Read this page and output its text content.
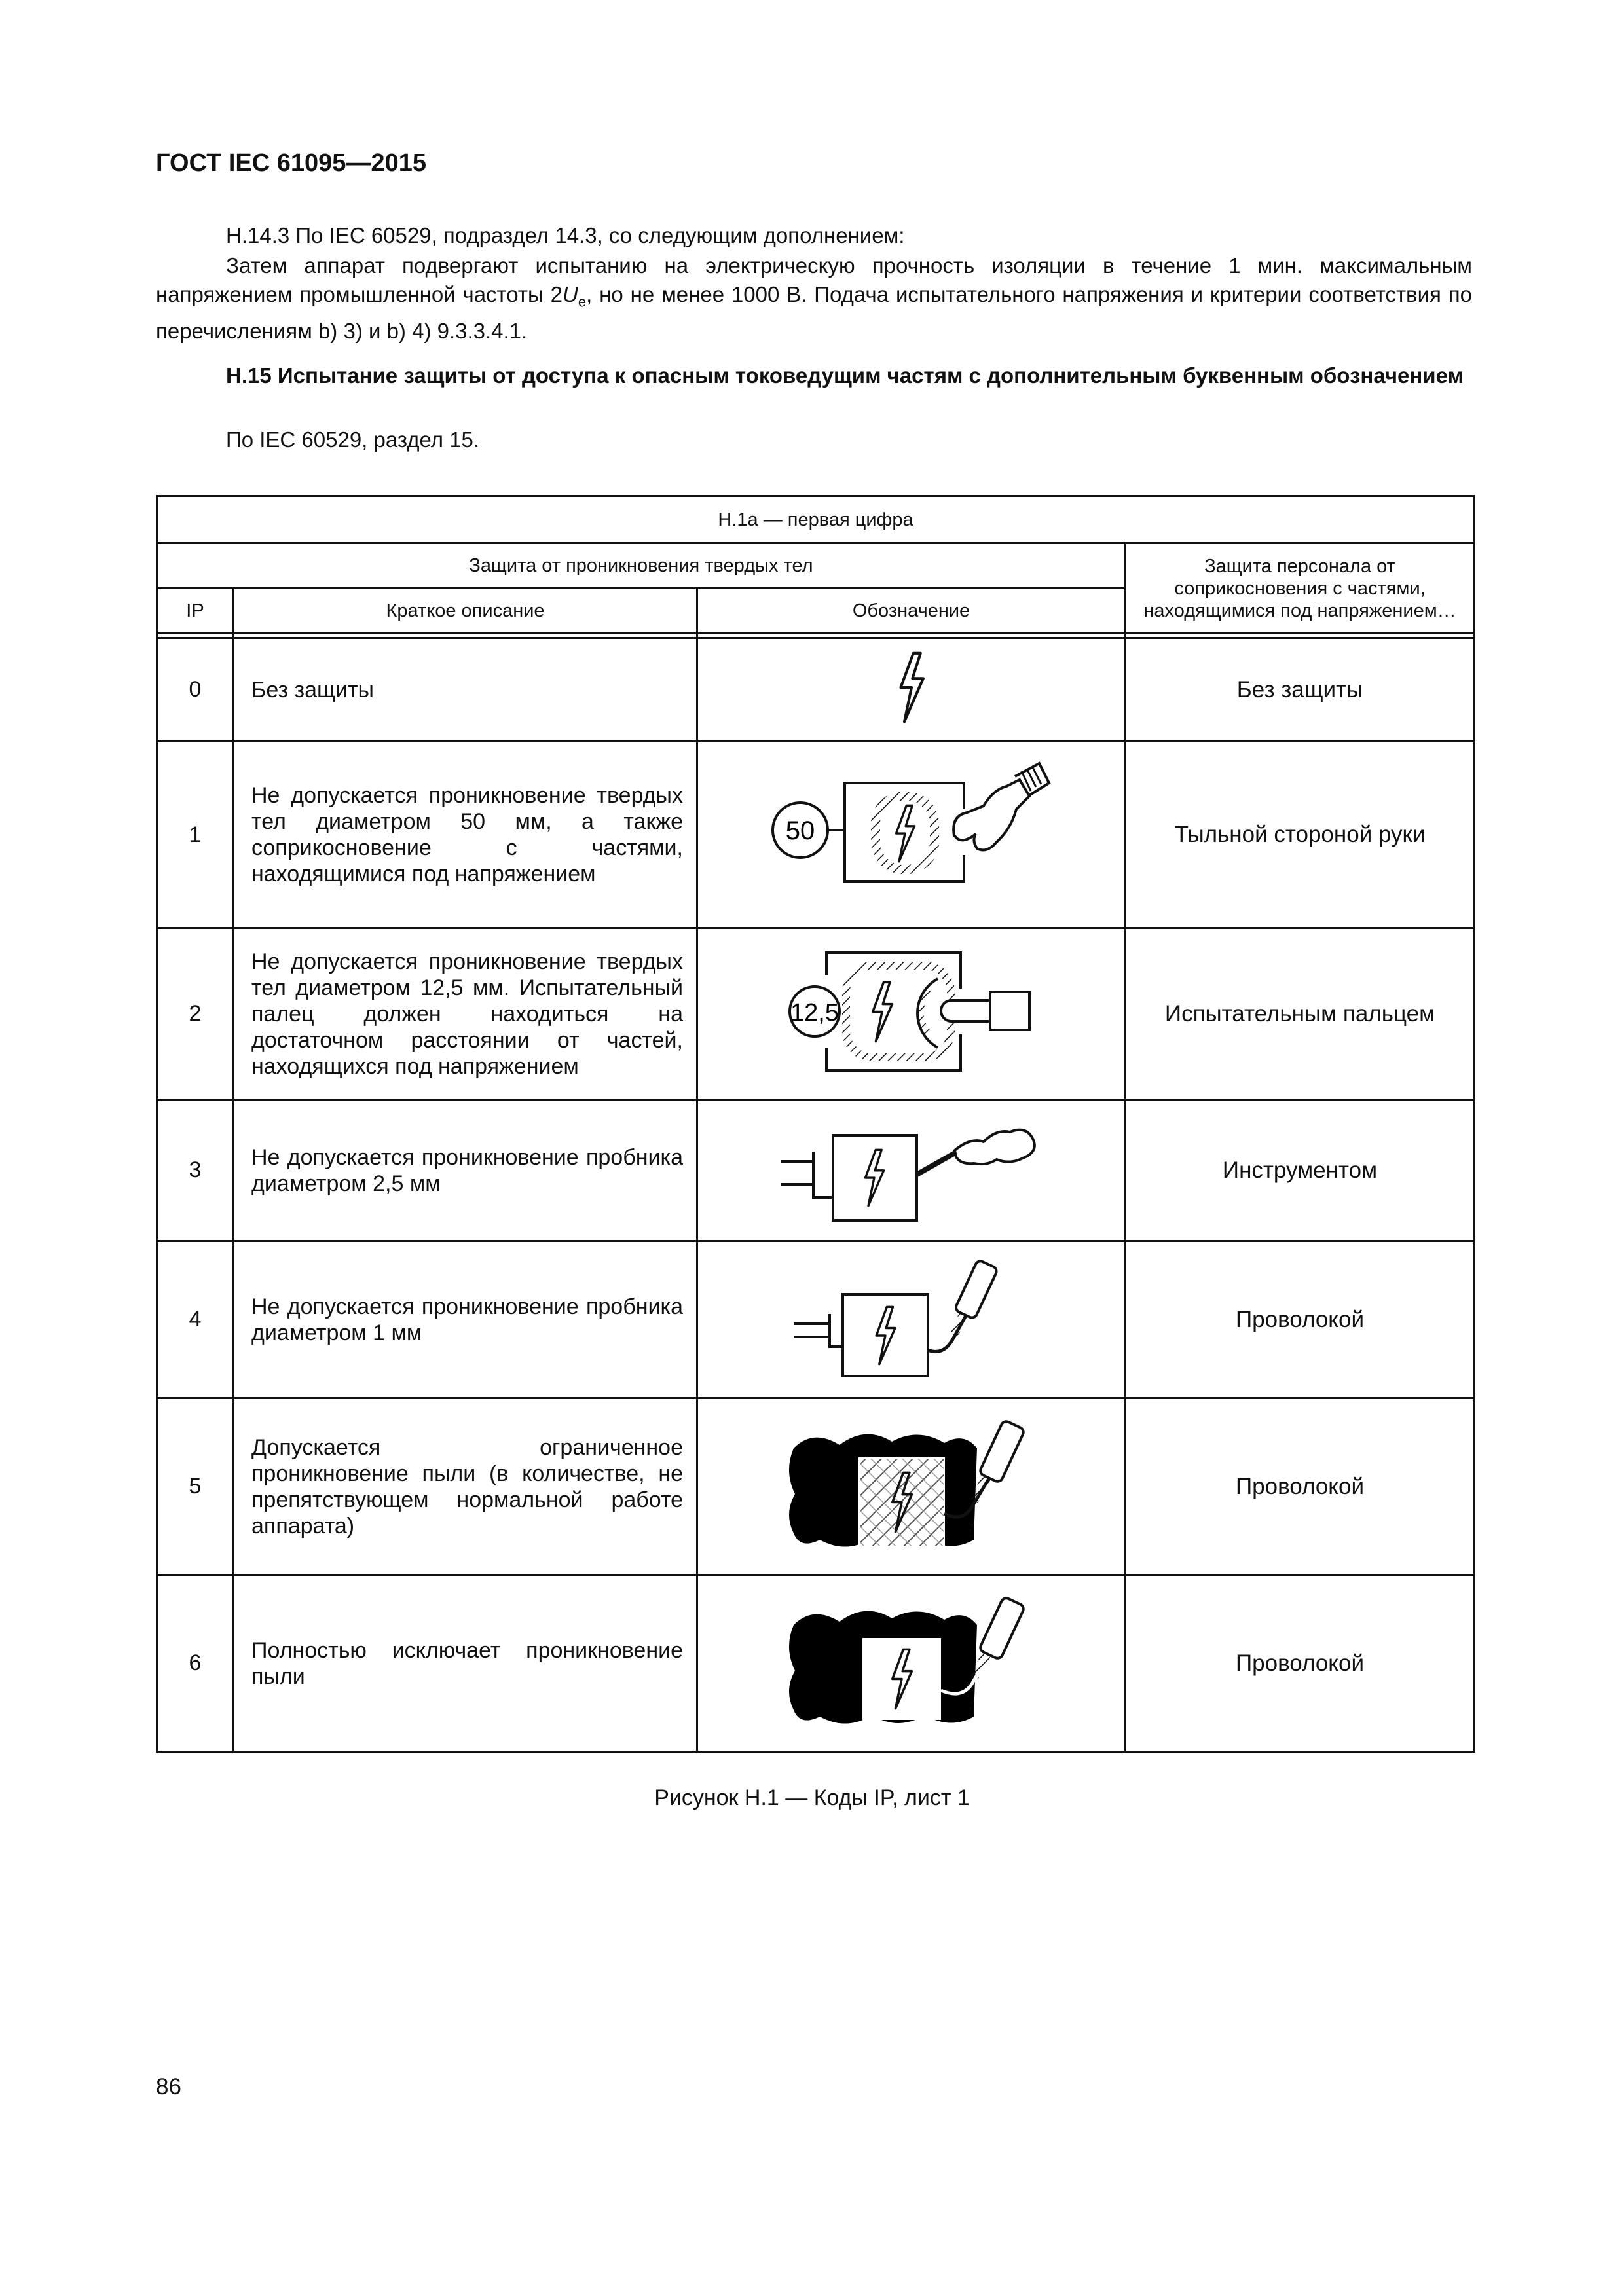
ГОСТ IEC 61095—2015
Н.14.3 По IEC 60529, подраздел 14.3, со следующим дополнением:
Затем аппарат подвергают испытанию на электрическую прочность изоляции в течение 1 мин. максимальным напряжением промышленной частоты $2U_e$, но не менее 1000 В. Подача испытательного напряжения и критерии соответствия по перечислениям b) 3) и b) 4) 9.3.3.4.1.
Н.15 Испытание защиты от доступа к опасным токоведущим частям с дополнительным буквенным обозначением
По IEC 60529, раздел 15.
Н.1а — первая цифра			
Защита от проникновения твердых тел			Защита персонала от соприкосновения с частями, находящимися под напряжением…
IP	Краткое описание	Обозначение	

0	Без защиты		Без защиты
1	Не допускается проникновение твердых тел диаметром 50 мм, а также соприкосновение с частями, находящимися под напряжением	50	Тыльной стороной руки
2	Не допускается проникновение твердых тел диаметром 12,5 мм. Испытательный палец должен находиться на достаточном расстоянии от частей, находящихся под напряжением	12,5	Испытательным пальцем
3	Не допускается проникновение пробника диаметром 2,5 мм		Инструментом
4	Не допускается проникновение пробника диаметром 1 мм		Проволокой
5	Допускается ограниченное проникновение пыли (в количестве, не препятствующем нормальной работе аппарата)		Проволокой
6	Полностью исключает проникновение пыли		Проволокой
Рисунок Н.1 — Коды IP, лист 1
86
